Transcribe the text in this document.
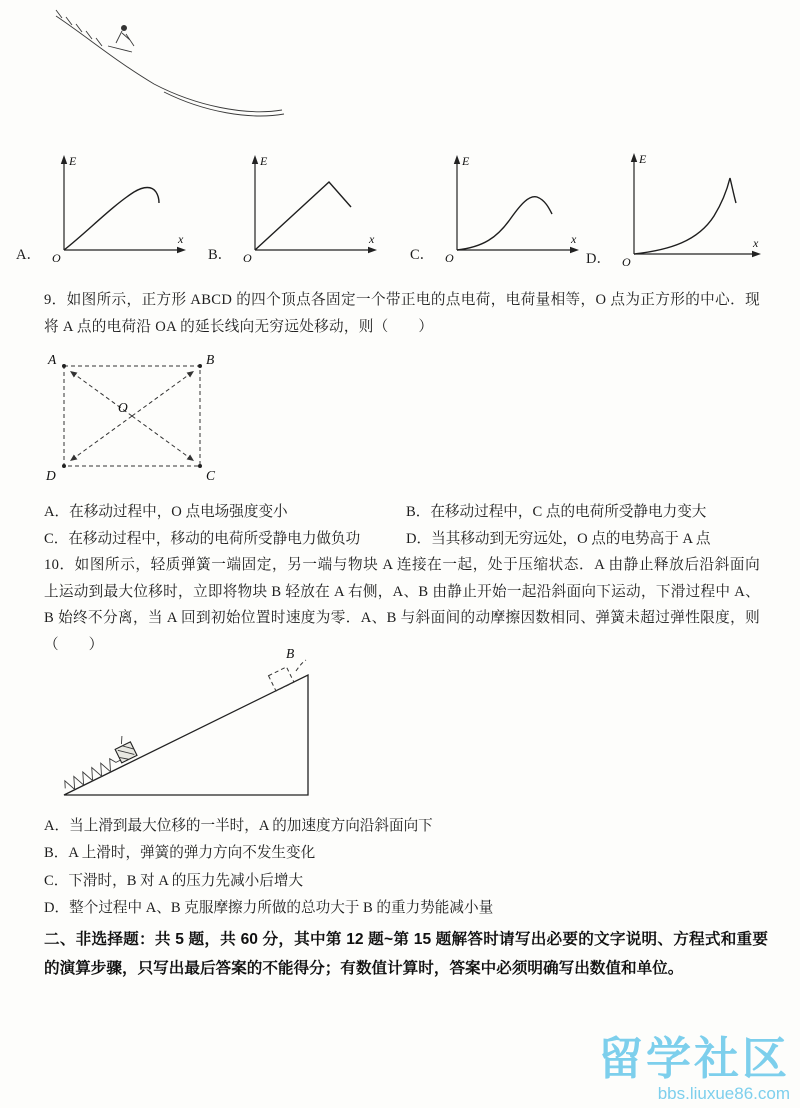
A．
E
x
O	B．
E
x
O	C．
E
x
O	D．
E
x
O
9．如图所示，正方形 ABCD 的四个顶点各固定一个带正电的点电荷，电荷量相等，O 点为正方形的中心．现将 A 点的电荷沿 OA 的延长线向无穷远处移动，则（　　）
A	B
O
D	C
A．在移动过程中，O 点电场强度变小	B．在移动过程中，C 点的电荷所受静电力变大
C．在移动过程中，移动的电荷所受静电力做负功	D．当其移动到无穷远处，O 点的电势高于 A 点
10．如图所示，轻质弹簧一端固定，另一端与物块 A 连接在一起，处于压缩状态．A 由静止释放后沿斜面向上运动到最大位移时，立即将物块 B 轻放在 A 右侧，A、B 由静止开始一起沿斜面向下运动，下滑过程中 A、B 始终不分离，当 A 回到初始位置时速度为零．A、B 与斜面间的动摩擦因数相同、弹簧未超过弹性限度，则（　　）
B
A．当上滑到最大位移的一半时，A 的加速度方向沿斜面向下
B．A 上滑时，弹簧的弹力方向不发生变化
C．下滑时，B 对 A 的压力先减小后增大
D．整个过程中 A、B 克服摩擦力所做的总功大于 B 的重力势能减小量
二、非选择题：共 5 题，共 60 分，其中第 12 题~第 15 题解答时请写出必要的文字说明、方程式和重要的演算步骤，只写出最后答案的不能得分；有数值计算时，答案中必须明确写出数值和单位。
留学社区
bbs.liuxue86.com
